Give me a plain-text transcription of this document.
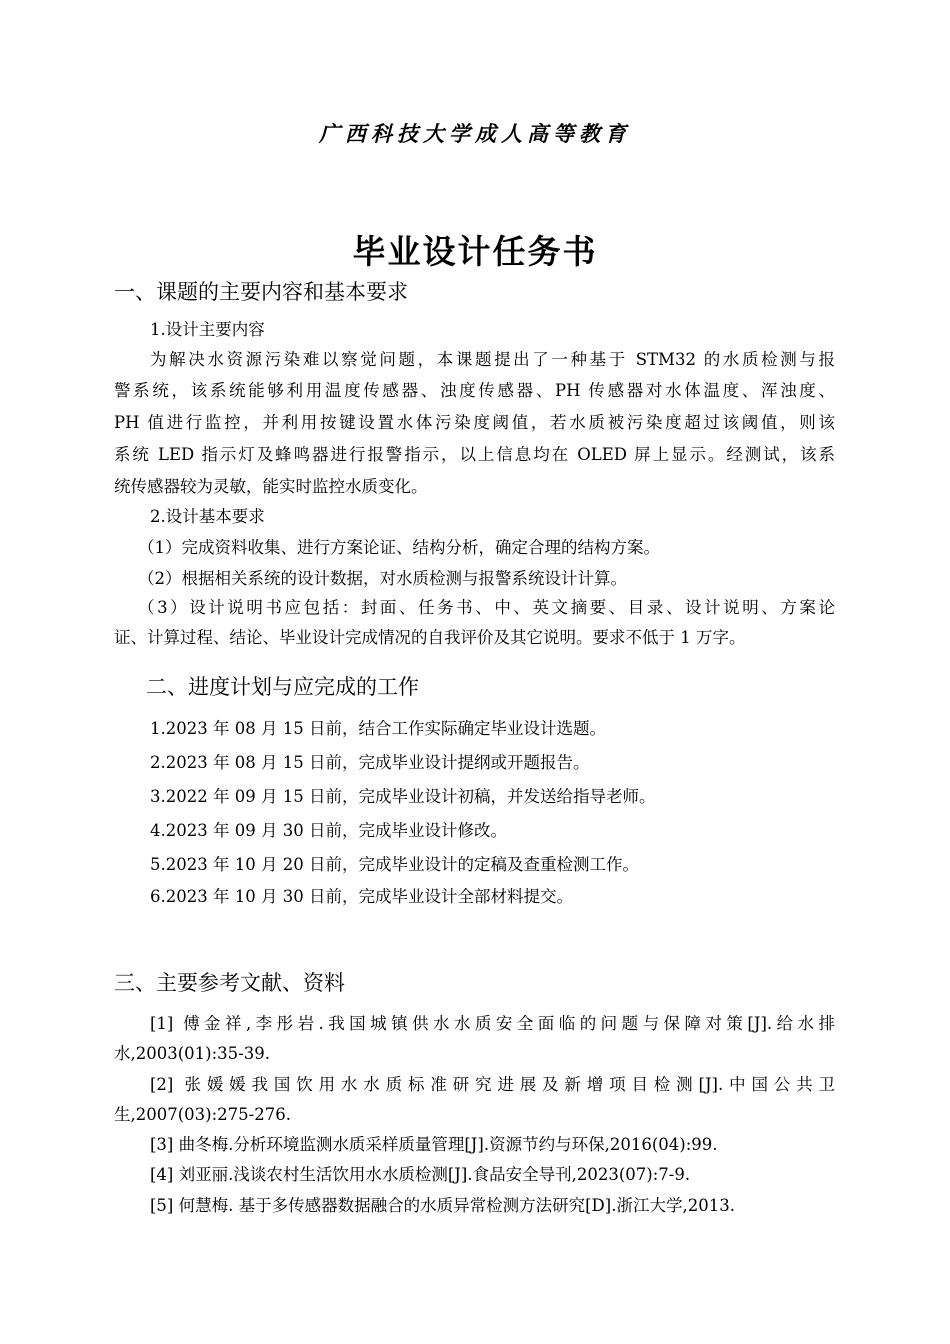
广西科技大学成人高等教育
毕业设计任务书
一、课题的主要内容和基本要求
1.设计主要内容
为解决水资源污染难以察觉问题，本课题提出了一种基于 STM32 的水质检测与报
警系统，该系统能够利用温度传感器、浊度传感器、PH 传感器对水体温度、浑浊度、
PH 值进行监控，并利用按键设置水体污染度阈值，若水质被污染度超过该阈值，则该
系统 LED 指示灯及蜂鸣器进行报警指示，以上信息均在 OLED 屏上显示。经测试，该系
统传感器较为灵敏，能实时监控水质变化。
2.设计基本要求
（1）完成资料收集、进行方案论证、结构分析，确定合理的结构方案。
（2）根据相关系统的设计数据，对水质检测与报警系统设计计算。
（3）设计说明书应包括：封面、任务书、中、英文摘要、目录、设计说明、方案论
证、计算过程、结论、毕业设计完成情况的自我评价及其它说明。要求不低于 1 万字。
二、进度计划与应完成的工作
1.2023 年 08 月 15 日前，结合工作实际确定毕业设计选题。
2.2023 年 08 月 15 日前，完成毕业设计提纲或开题报告。
3.2022 年 09 月 15 日前，完成毕业设计初稿，并发送给指导老师。
4.2023 年 09 月 30 日前，完成毕业设计修改。
5.2023 年 10 月 20 日前，完成毕业设计的定稿及查重检测工作。
6.2023 年 10 月 30 日前，完成毕业设计全部材料提交。
三、主要参考文献、资料
[1] 傅金祥,李彤岩.我国城镇供水水质安全面临的问题与保障对策[J].给水排
水,2003(01):35-39.
[2] 张媛媛我国饮用水水质标准研究进展及新增项目检测[J].中国公共卫
生,2007(03):275-276.
[3] 曲冬梅.分析环境监测水质采样质量管理[J].资源节约与环保,2016(04):99.
[4] 刘亚丽.浅谈农村生活饮用水水质检测[J].食品安全导刊,2023(07):7-9.
[5] 何慧梅. 基于多传感器数据融合的水质异常检测方法研究[D].浙江大学,2013.
